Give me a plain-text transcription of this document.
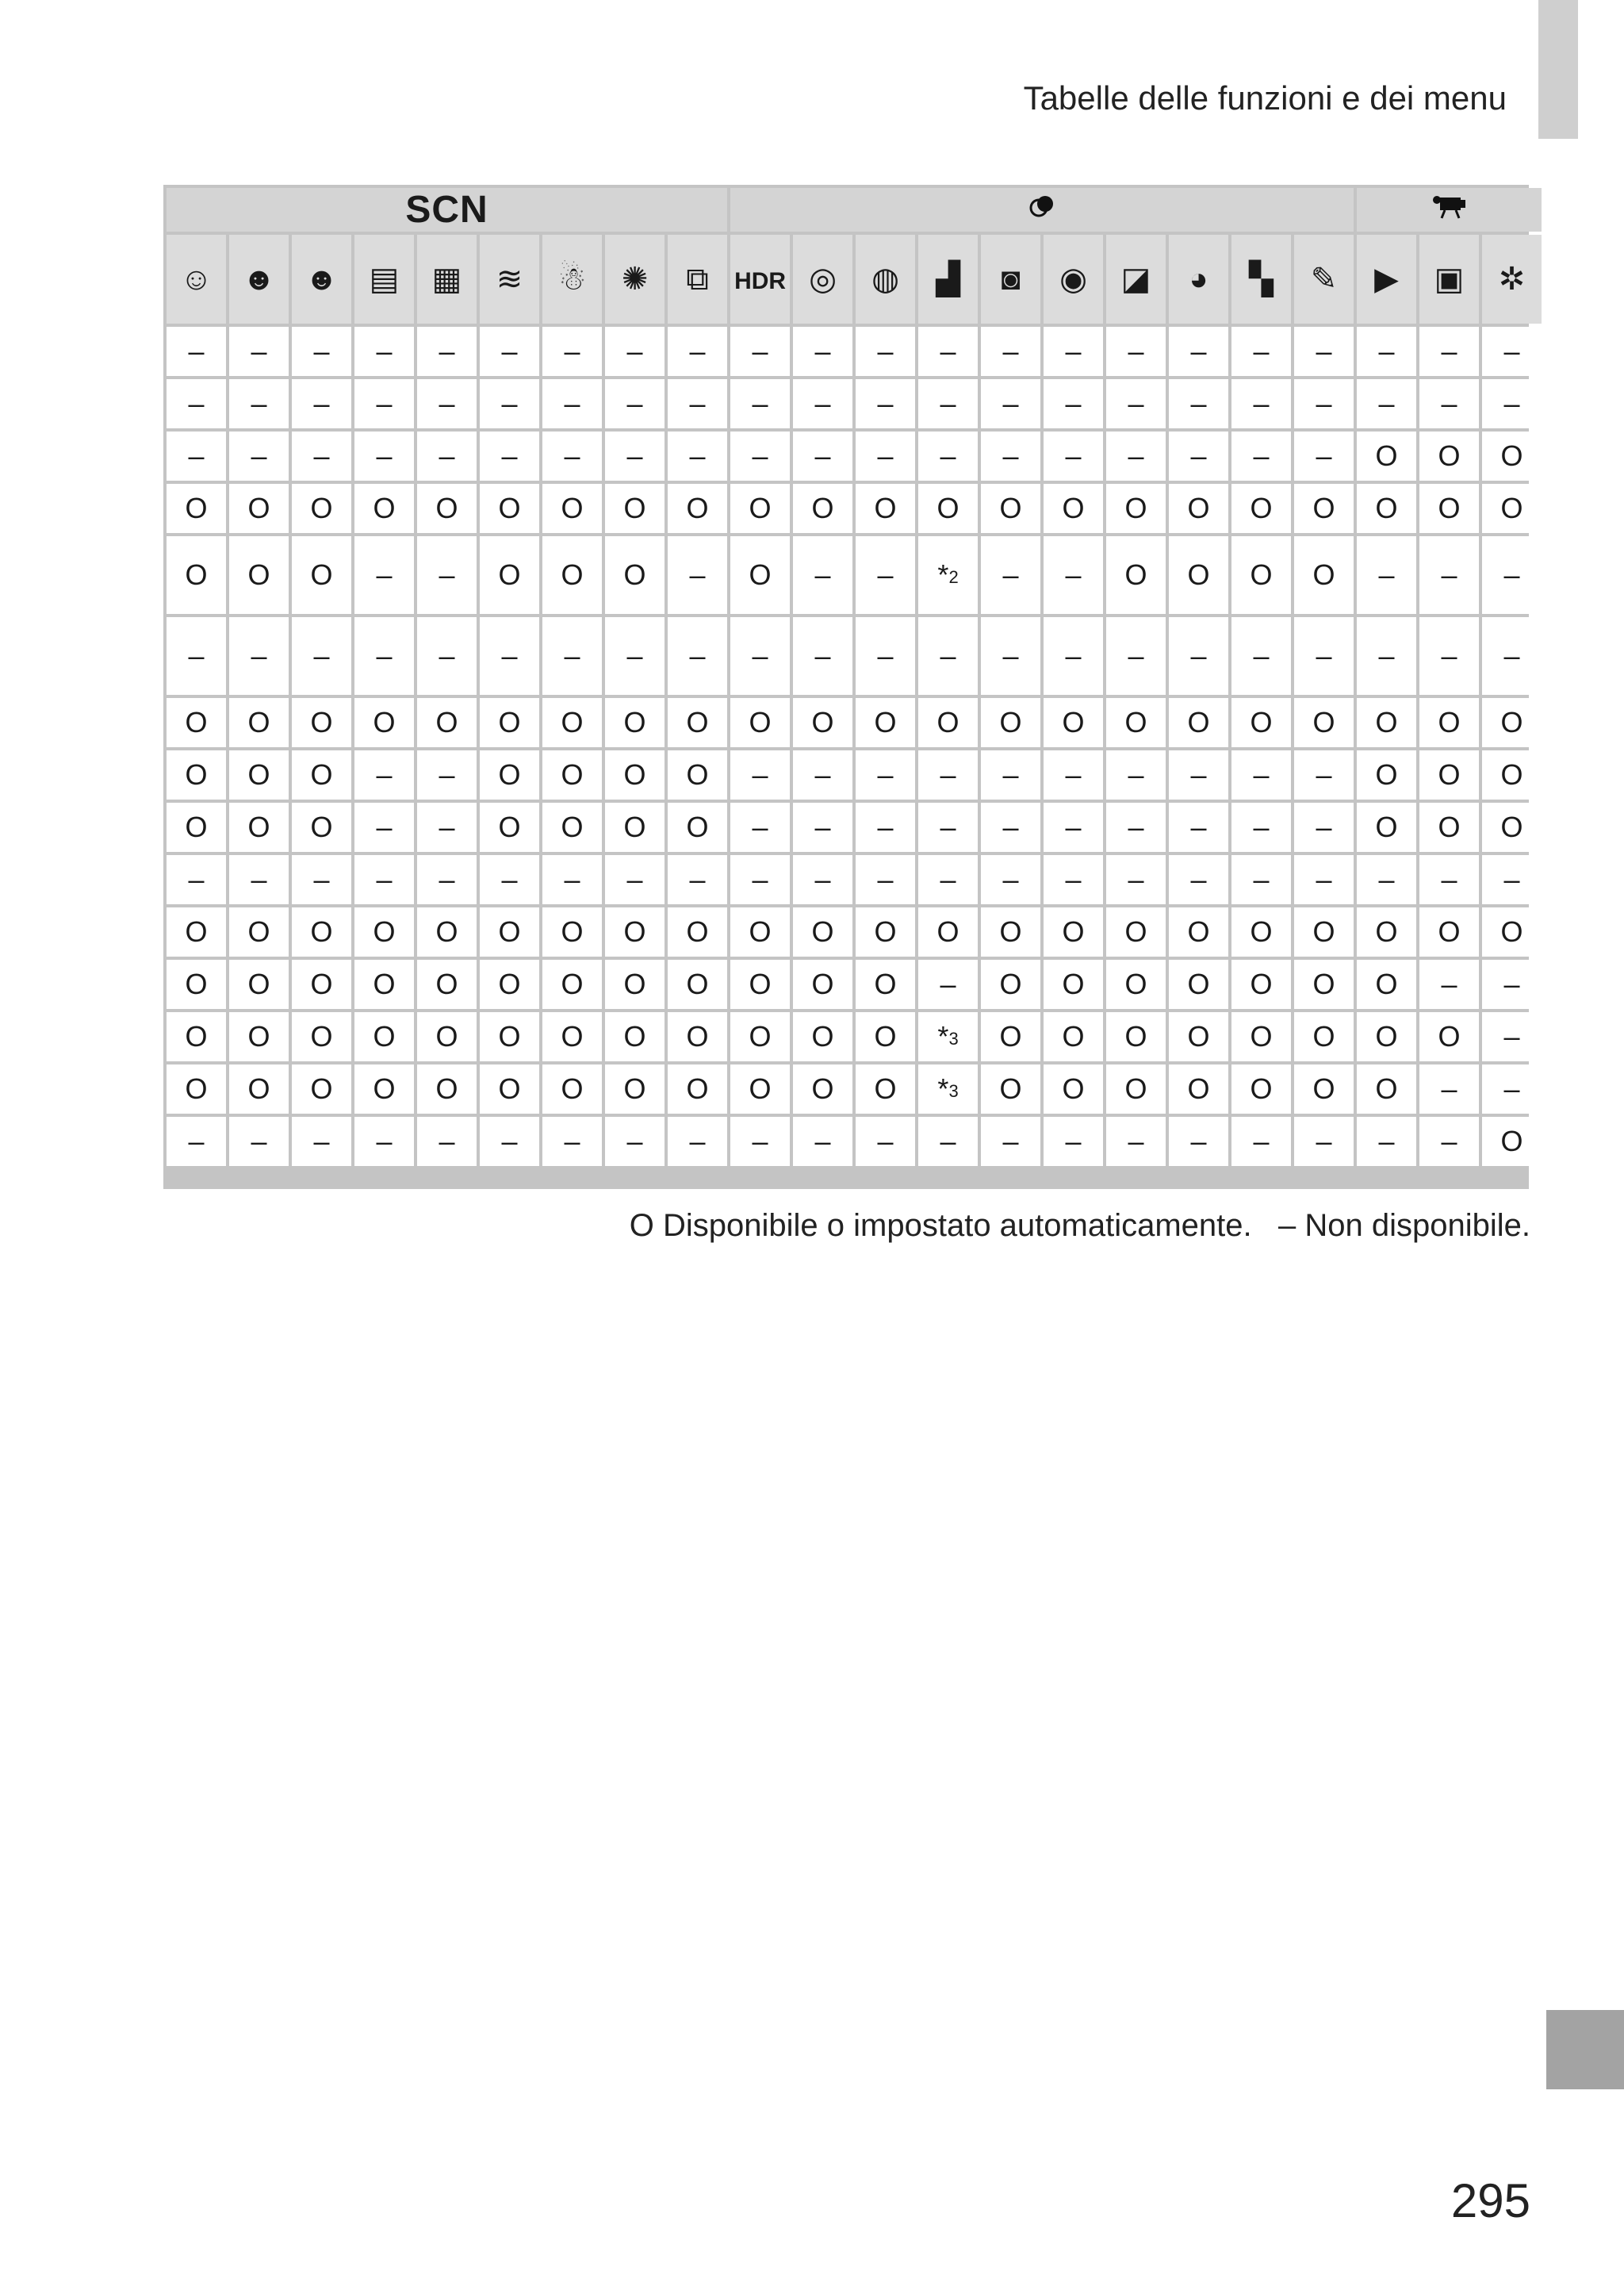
Tabelle delle funzioni e dei menu
SCN		
☺	☻	☻	▤	▦	≋	☃	✺	⧉	HDR	◎	◍	▟	◙	◉	◪	◕	▚	✎	▶	▣	✲
–	–	–	–	–	–	–	–	–	–	–	–	–	–	–	–	–	–	–	–	–	–
–	–	–	–	–	–	–	–	–	–	–	–	–	–	–	–	–	–	–	–	–	–
–	–	–	–	–	–	–	–	–	–	–	–	–	–	–	–	–	–	–	O	O	O
O	O	O	O	O	O	O	O	O	O	O	O	O	O	O	O	O	O	O	O	O	O
O	O	O	–	–	O	O	O	–	O	–	–	*2	–	–	O	O	O	O	–	–	–
–	–	–	–	–	–	–	–	–	–	–	–	–	–	–	–	–	–	–	–	–	–
O	O	O	O	O	O	O	O	O	O	O	O	O	O	O	O	O	O	O	O	O	O
O	O	O	–	–	O	O	O	O	–	–	–	–	–	–	–	–	–	–	O	O	O
O	O	O	–	–	O	O	O	O	–	–	–	–	–	–	–	–	–	–	O	O	O
–	–	–	–	–	–	–	–	–	–	–	–	–	–	–	–	–	–	–	–	–	–
O	O	O	O	O	O	O	O	O	O	O	O	O	O	O	O	O	O	O	O	O	O
O	O	O	O	O	O	O	O	O	O	O	O	–	O	O	O	O	O	O	O	–	–
O	O	O	O	O	O	O	O	O	O	O	O	*3	O	O	O	O	O	O	O	O	–
O	O	O	O	O	O	O	O	O	O	O	O	*3	O	O	O	O	O	O	O	–	–
–	–	–	–	–	–	–	–	–	–	–	–	–	–	–	–	–	–	–	–	–	O
O Disponibile o impostato automaticamente. – Non disponibile.
295
